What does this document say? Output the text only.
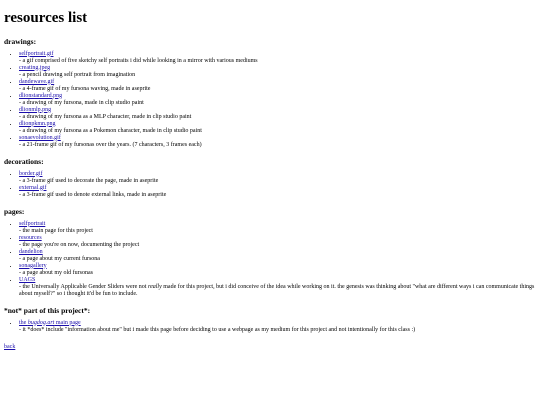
resources list
drawings:
• selfportrait.gif
- a gif comprised of five sketchy self portraits i did while looking in a mirror with various mediums
• creating.jpeg
- a pencil drawing self portrait from imagination
• dandewave.gif
- a 4-frame gif of my fursona waving, made in aseprite
• dlionstandard.png
- a drawing of my fursona, made in clip studio paint
• dlionmlp.png
- a drawing of my fursona as a MLP character, made in clip studio paint
• dlionpkmn.png
- a drawing of my fursona as a Pokemon character, made in clip studio paint
• sonaevolution.gif
- a 21-frame gif of my fursonas over the years. (7 characters, 3 frames each)
decorations:
• border.gif
- a 3-frame gif used to decorate the page, made in aseprite
• external.gif
- a 3-frame gif used to denote external links, made in aseprite
pages:
• selfportrait
- the main page for this project
• resources
- the page you're on now, documenting the project
• dandelion
- a page about my current fursona
• sonagallery
- a page about my old fursonas
• UAGS
- the Universally Applicable Gender Sliders were not really made for this project, but i did conceive of the idea while working on it. the genesis was thinking about "what are different ways i can communicate things about myself?" so i thought it'd be fun to include.
*not* part of this project*:
• the bugdog.art main page
- it *does* include "information about me" but i made this page before deciding to use a webpage as my medium for this project and not intentionally for this class :)
back
